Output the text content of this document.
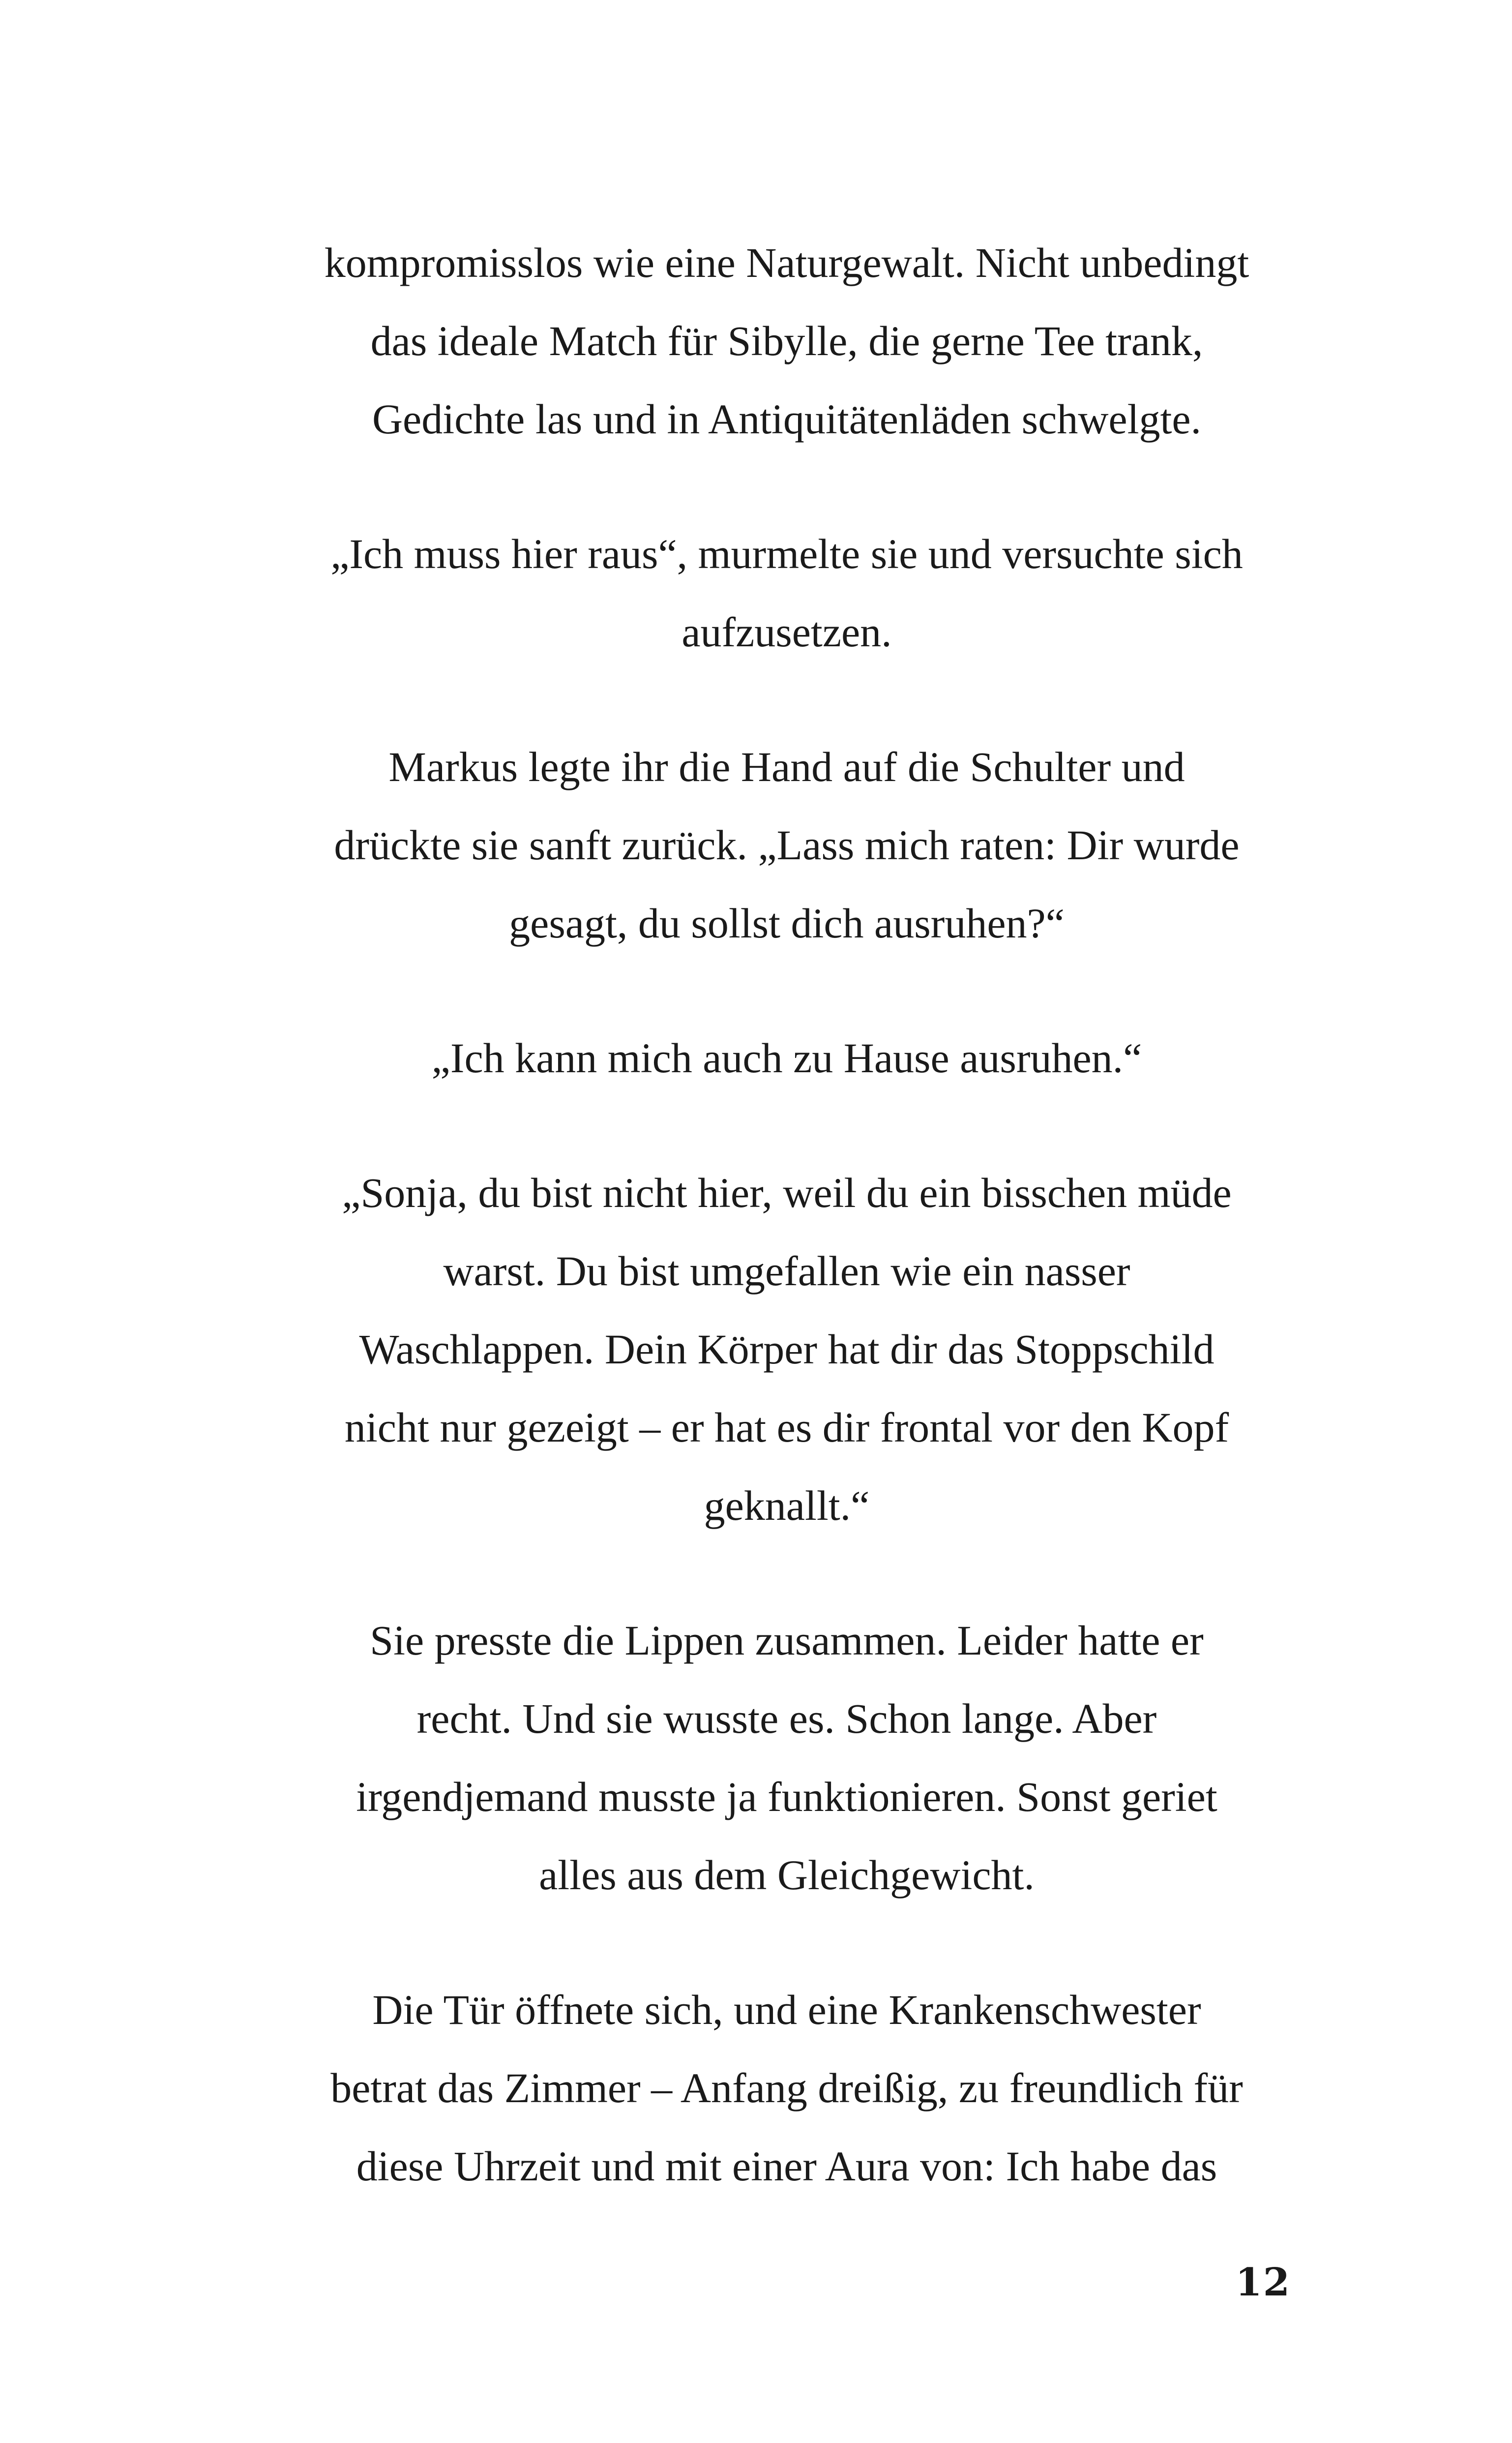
kompromisslos wie eine Naturgewalt. Nicht unbedingt
das ideale Match für Sibylle, die gerne Tee trank,
Gedichte las und in Antiquitätenläden schwelgte.

„Ich muss hier raus“, murmelte sie und versuchte sich
aufzusetzen.

Markus legte ihr die Hand auf die Schulter und
drückte sie sanft zurück. „Lass mich raten: Dir wurde
gesagt, du sollst dich ausruhen?“

„Ich kann mich auch zu Hause ausruhen.“

„Sonja, du bist nicht hier, weil du ein bisschen müde
warst. Du bist umgefallen wie ein nasser
Waschlappen. Dein Körper hat dir das Stoppschild
nicht nur gezeigt – er hat es dir frontal vor den Kopf
geknallt.“

Sie presste die Lippen zusammen. Leider hatte er
recht. Und sie wusste es. Schon lange. Aber
irgendjemand musste ja funktionieren. Sonst geriet
alles aus dem Gleichgewicht.

Die Tür öffnete sich, und eine Krankenschwester
betrat das Zimmer – Anfang dreißig, zu freundlich für
diese Uhrzeit und mit einer Aura von: Ich habe das

12
